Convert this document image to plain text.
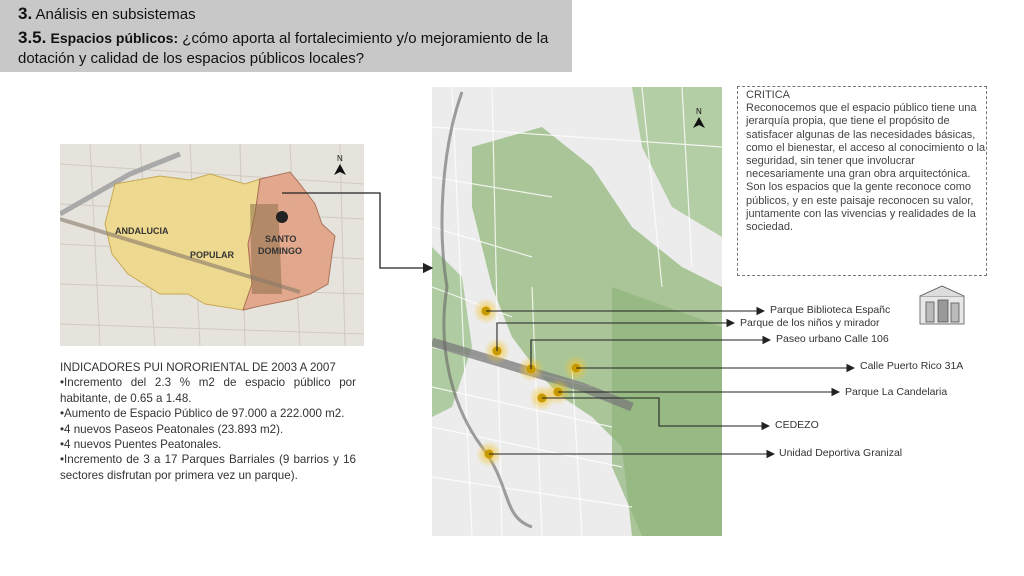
3. Análisis en subsistemas
3.5. Espacios públicos: ¿cómo aporta al fortalecimiento y/o mejoramiento de la dotación y calidad de los espacios públicos locales?
ANDALUCIA
POPULAR
SANTO
DOMINGO
N
N

INDICADORES PUI NORORIENTAL DE 2003 A 2007

•Incremento del 2.3 % m2 de espacio público por habitante, de 0.65 a 1.48.

•Aumento de Espacio Público de 97.000 a 222.000 m2.

•4 nuevos Paseos Peatonales (23.893 m2).

•4 nuevos Puentes Peatonales.

•Incremento de 3 a 17 Parques Barriales (9 barrios y 16 sectores disfrutan por primera vez un parque).

CRITICA

Reconocemos que el espacio público tiene una jerarquía propia, que tiene el propósito de satisfacer algunas de las necesidades básicas, como el bienestar, el acceso al conocimiento o la seguridad, sin tener que involucrar necesariamente una gran obra arquitectónica.

Son los espacios que la gente reconoce como públicos, y en este paisaje reconocen su valor, juntamente con las vivencias y realidades de la sociedad.

Parque Biblioteca Españc
Parque de los niños y mirador
Paseo urbano Calle 106
Calle Puerto Rico 31A
Parque La Candelaria
CEDEZO
Unidad Deportiva Granizal
